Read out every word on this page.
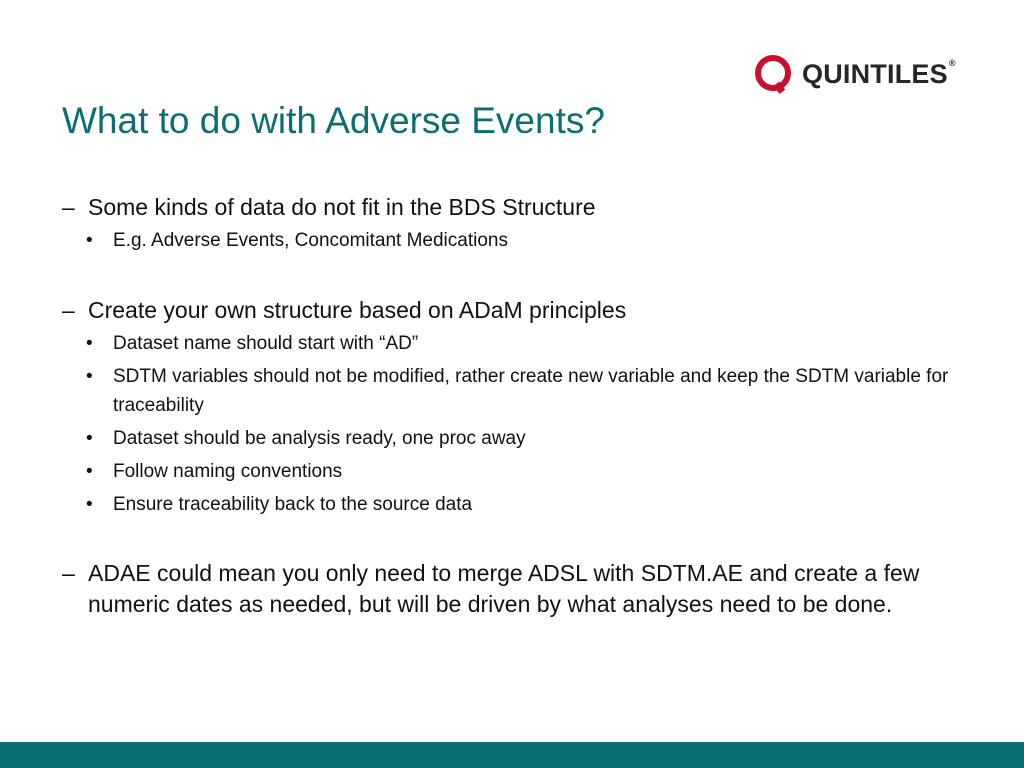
QUINTILES®
What to do with Adverse Events?
– Some kinds of data do not fit in the BDS Structure
•	E.g. Adverse Events, Concomitant Medications
– Create your own structure based on ADaM principles
•	Dataset name should start with “AD”
•	SDTM variables should not be modified, rather create new variable and keep the SDTM variable for traceability
•	Dataset should be analysis ready, one proc away
•	Follow naming conventions
•	Ensure traceability back to the source data
– ADAE could mean you only need to merge ADSL with SDTM.AE and create a few numeric dates as needed, but will be driven by what analyses need to be done.
